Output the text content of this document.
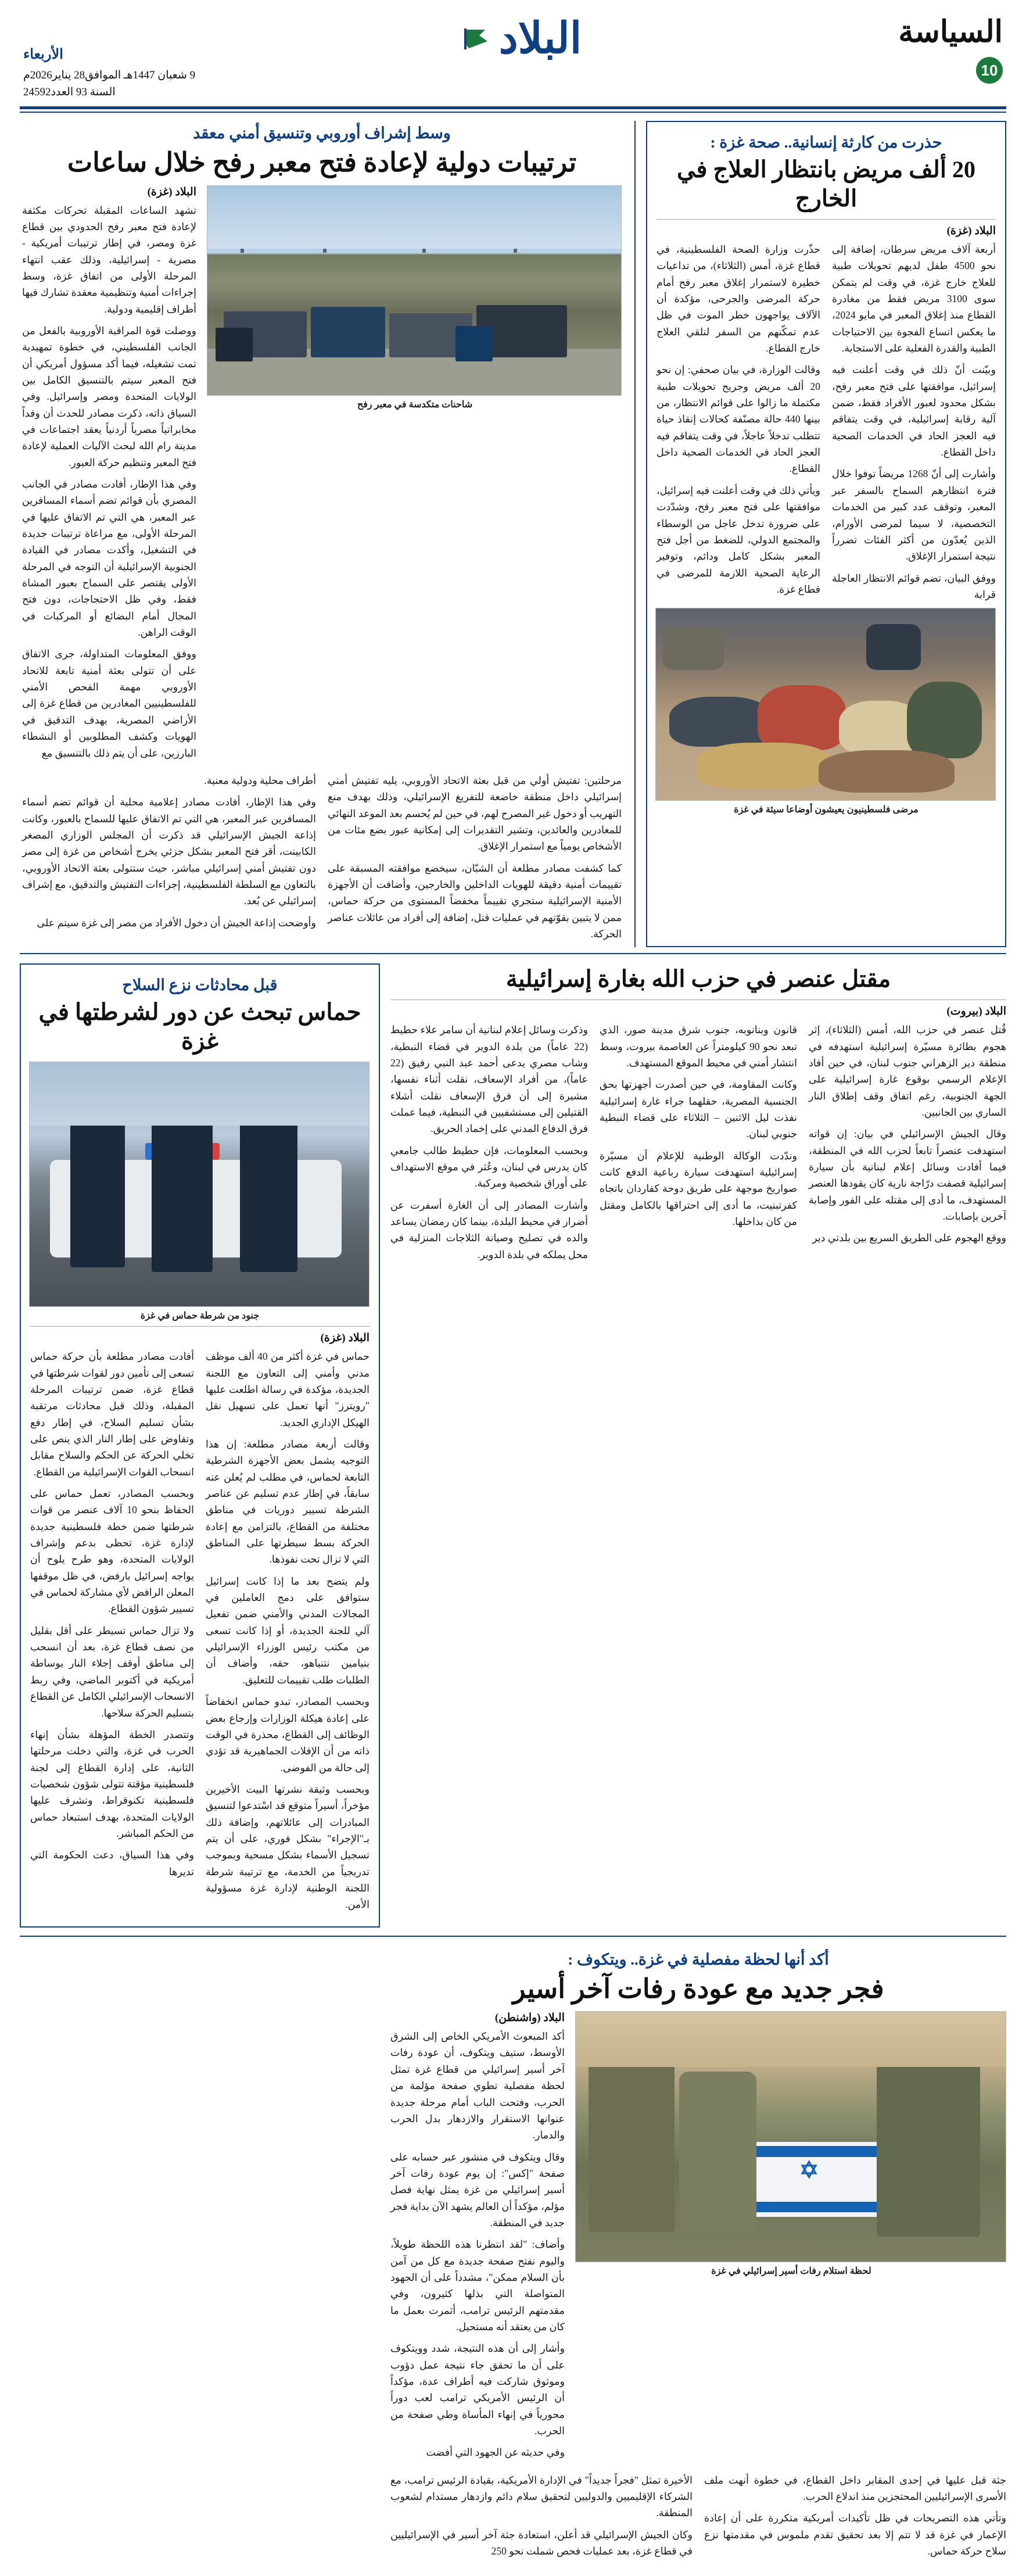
السياسة
10
البلاد
الأربعاء
9 شعبان 1447هـ الموافق28 يناير2026م
السنة 93 العدد24592
حذرت من كارثة إنسانية.. صحة غزة :
20 ألف مريض بانتظار العلاج في الخارج
البلاد (غزة)

أربعة آلاف مريض سرطان، إضافة إلى نحو 4500 طفل لديهم تحويلات طبية للعلاج خارج غزة، في وقت لم يتمكن سوى 3100 مريض فقط من مغادرة القطاع منذ إغلاق المعبر في مايو 2024، ما يعكس اتساع الفجوة بين الاحتياجات الطبية والقدرة الفعلية على الاستجابة.

وبيّنت أنّ ذلك في وقت أعلنت فيه إسرائيل، موافقتها على فتح معبر رفح، بشكل محدود لعبور الأفراد فقط، ضمن آلية رقابة إسرائيلية، في وقت يتفاقم فيه العجز الحاد في الخدمات الصحية داخل القطاع.

وأشارت إلى أنّ 1268 مريضاً توفوا خلال فترة انتظارهم السماح بالسفر عبر المعبر، وتوقف عدد كبير من الخدمات التخصصية، لا سيما لمرضى الأورام، الذين يُعدّون من أكثر الفئات تضرراً نتيجة استمرار الإغلاق.

ووفق البيان، تضم قوائم الانتظار العاجلة قرابة

حذّرت وزارة الصحة الفلسطينية، في قطاع غزة، أمس (الثلاثاء)، من تداعيات خطيرة لاستمرار إغلاق معبر رفح أمام حركة المرضى والجرحى، مؤكدة أن الآلاف يواجهون خطر الموت في ظل عدم تمكّنهم من السفر لتلقي العلاج خارج القطاع.

وقالت الوزارة، في بيان صحفي: إن نحو 20 ألف مريض وجريح تحويلات طبية مكتملة ما زالوا على قوائم الانتظار، من بينها 440 حالة مصنّفة كحالات إنقاذ حياة تتطلب تدخلاً عاجلاً، في وقت يتفاقم فيه العجز الحاد في الخدمات الصحية داخل القطاع.

ويأتي ذلك في وقت أعلنت فيه إسرائيل، موافقتها على فتح معبر رفح، وشدّدت على ضرورة تدخل عاجل من الوسطاء والمجتمع الدولي، للضغط من أجل فتح المعبر بشكل كامل ودائم، وتوفير الرعاية الصحية اللازمة للمرضى في قطاع غزة.

مرضى فلسطينيون يعيشون أوضاعا سيئة في غزة
وسط إشراف أوروبي وتنسيق أمني معقد
ترتيبات دولية لإعادة فتح معبر رفح خلال ساعات
شاحنات متكدسة في معبر رفح
البلاد (غزة)

تشهد الساعات المقبلة تحركات مكثفة لإعادة فتح معبر رفح الحدودي بين قطاع غزة ومصر، في إطار ترتيبات أمريكية - مصرية - إسرائيلية، وذلك عقب انتهاء المرحلة الأولى من اتفاق غزة، وسط إجراءات أمنية وتنظيمية معقدة تشارك فيها أطراف إقليمية ودولية.

ووصلت قوة المراقبة الأوروبية بالفعل من الجانب الفلسطيني، في خطوة تمهيدية تمت تشغيله، فيما أكد مسؤول أمريكي أن فتح المعبر سيتم بالتنسيق الكامل بين الولايات المتحدة ومصر وإسرائيل. وفي السياق ذاته، ذكرت مصادر للحدث أن وفداً مخابراتياً مصرياً أردنياً يعقد اجتماعات في مدينة رام الله لبحث الآليات العملية لإعادة فتح المعبر وتنظيم حركة العبور.

وفي هذا الإطار، أفادت مصادر في الجانب المصري بأن قوائم تضم أسماء المسافرين عبر المعبر، هي التي تم الاتفاق عليها في المرحلة الأولى، مع مراعاة ترتيبات جديدة في التشغيل، وأكدت مصادر في القيادة الجنوبية الإسرائيلية أن التوجه في المرحلة الأولى يقتصر على السماح بعبور المشاة فقط، وفي ظل الاحتجاجات، دون فتح المجال أمام البضائع أو المركبات في الوقت الراهن.

ووفق المعلومات المتداولة، جرى الاتفاق على أن تتولى بعثة أمنية تابعة للاتحاد الأوروبي مهمة الفحص الأمني للفلسطينيين المغادرين من قطاع غزة إلى الأراضي المصرية، بهدف التدقيق في الهويات وكشف المطلوبين أو النشطاء البارزين، على أن يتم ذلك بالتنسيق مع

مرحلتين: تفتيش أولي من قبل بعثة الاتحاد الأوروبي، يليه تفتيش أمني إسرائيلي داخل منطقة خاضعة للتفريغ الإسرائيلي، وذلك بهدف منع التهريب أو دخول غير المصرح لهم، في حين لم يُحسم بعد الموعد النهائي للمغادرين والعائدين، وتشير التقديرات إلى إمكانية عبور بضع مئات من الأشخاص يومياً مع استمرار الإغلاق.

كما كشفت مصادر مطلعة أن الشبّان، سيخضع موافقته المسبقة على تقييمات أمنية دقيقة للهويات الداخلين والخارجين، وأضافت أن الأجهزة الأمنية الإسرائيلية ستجري تقييماً مخفضاً المستوى من حركة حماس، ممن لا يتبين بقوّتهم في عمليات قتل، إضافة إلى أفراد من عائلات عناصر الحركة.

أطراف محلية ودولية معنية.

وفي هذا الإطار، أفادت مصادر إعلامية محلية أن قوائم تضم أسماء المسافرين عبر المعبر، هي التي تم الاتفاق عليها للسماح بالعبور، وكانت إذاعة الجيش الإسرائيلي قد ذكرت أن المجلس الوزاري المصغر الكابينت، أقر فتح المعبر بشكل جزئي يخرج أشخاص من غزة إلى مصر دون تفتيش أمني إسرائيلي مباشر، حيث ستتولى بعثة الاتحاد الأوروبي، بالتعاون مع السلطة الفلسطينية، إجراءات التفتيش والتدقيق، مع إشراف إسرائيلي عن بُعد.

وأوضحت إذاعة الجيش أن دخول الأفراد من مصر إلى غزة سيتم على

مقتل عنصر في حزب الله بغارة إسرائيلية
البلاد (بيروت)

قُتل عنصر في حزب الله، أمس (الثلاثاء)، إثر هجوم بطائرة مسيّرة إسرائيلية استهدفه في منطقة دير الزهراني جنوب لبنان، في حين أفاد الإعلام الرسمي بوقوع غارة إسرائيلية على الجهة الجنوبية، رغم اتفاق وقف إطلاق النار الساري بين الجانبين.

وقال الجيش الإسرائيلي في بيان: إن قواته استهدفت عنصراً تابعاً لحزب الله في المنطقة، فيما أفادت وسائل إعلام لبنانية بأن سيارة إسرائيلية قصفت درّاجة نارية كان يقودها العنصر المستهدف، ما أدى إلى مقتله على الفور وإصابة آخرين بإصابات.

ووقع الهجوم على الطريق السريع بين بلدتي دير

قانون وبنانوبه، جنوب شرق مدينة صور، الذي تبعد نحو 90 كيلومتراً عن العاصمة بيروت، وسط انتشار أمني في محيط الموقع المستهدف.

وكانت المقاومة، في حين أصدرت أجهزتها بحق الجنسية المصرية، حقلهما جراء غارة إسرائيلية نفذت ليل الاثنين – الثلاثاء على قضاء النبطية جنوبي لبنان.

وندّدت الوكالة الوطنية للإعلام أن مسيّرة إسرائيلية استهدفت سيارة رباعية الدفع كانت صواريخ موجهة على طريق دوحة كفاردان باتجاه كفرتبنيت، ما أدى إلى احتراقها بالكامل ومقتل من كان بداخلها.

وذكرت وسائل إعلام لبنانية أن سامر علاء حطيط (22 عاماً) من بلدة الدوير في قضاء النبطية، وشاب مصري يدعى أحمد عبد النبي رفيق (22 عاماً)، من أفراد الإسعاف، نقلت أثناء نفسها، مشيرة إلى أن فرق الإسعاف نقلت أشلاء القتيلين إلى مستشفيين في النبطية، فيما عملت فرق الدفاع المدني على إخماد الحريق.

وبحسب المعلومات، فإن حطيط طالب جامعي كان يدرس في لبنان، وعُثر في موقع الاستهداف على أوراق شخصية ومركبة.

وأشارت المصادر إلى أن الغارة أسفرت عن أضرار في محيط البلدة، بينما كان رمضان يساعد والده في تصليح وصيانة الثلاجات المنزلية في محل يملكه في بلدة الدوير.

قبل محادثات نزع السلاح
حماس تبحث عن دور لشرطتها في غزة
جنود من شرطة حماس في غزة
البلاد (غزة)

حماس في غزة أكثر من 40 ألف موظف مدني وأمني إلى التعاون مع اللجنة الجديدة، مؤكدة في رسالة اطلعت عليها "رويترز" أنها تعمل على تسهيل نقل الهيكل الإداري الجديد.

وقالت أربعة مصادر مطلعة: إن هذا التوجيه يشمل بعض الأجهزة الشرطية التابعة لحماس، في مطلب لم يُعلن عنه سابقاً، في إطار عدم تسليم عن عناصر الشرطة تسيير دوريات في مناطق مختلفة من القطاع، بالتزامن مع إعادة الحركة بسط سيطرتها على المناطق التي لا تزال تحت نفوذها.

ولم يتضح بعد ما إذا كانت إسرائيل ستوافق على دمج العاملين في المجالات المدني والأمني ضمن تفعيل آلي للجنة الجديدة، أو إذا كانت تسعى من مكتب رئيس الوزراء الإسرائيلي بنيامين نتنياهو، حقه، وأضاف أن الطلبات طلب تقييمات للتعليق.

وبحسب المصادر، تبدو حماس انخفاضاً على إعادة هيكلة الوزارات وإرجاع بعض الوظائف إلى القطاع، محذرة في الوقت ذاته من أن الإفلات الجماهيرية قد تؤدي إلى حالة من الفوضى.

وبحسب وثيقة نشرتها البيت الأخيرين مؤخراً، أسيراً متوقع قد اسْتدعوا لتنسيق المبادرات إلى عائلاتهم، وإضافة ذلك بـ"الإجراء" بشكل فوري، على أن يتم تسجيل الأسماء بشكل مسحية وبموجب تدريجياً من الخدمة، مع ترتيبة شرطة اللجنة الوطنية لإدارة غزة مسؤولية الأمن.

أفادت مصادر مطلعة بأن حركة حماس تسعى إلى تأمين دور لقوات شرطتها في قطاع غزة، ضمن ترتيبات المرحلة المقبلة، وذلك قبل محادثات مرتقبة بشأن تسليم السلاح، في إطار دفع وتفاوض على إطار النار الذي ينص على تخلي الحركة عن الحكم والسلاح مقابل انسحاب القوات الإسرائيلية من القطاع.

وبحسب المصادر، تعمل حماس على الحفاظ بنحو 10 آلاف عنصر من قوات شرطتها ضمن خطة فلسطينية جديدة لإدارة غزة، تحظى بدعم وإشراف الولايات المتحدة، وهو طرح يلوح أن يواجه إسرائيل بارفض، في ظل موقفها المعلن الرافض لأي مشاركة لحماس في تسيير شؤون القطاع.

ولا تزال حماس تسيطر على أقل بقليل من نصف قطاع غزة، بعد أن انسحب إلى مناطق أوقف إجلاء النار بوساطة أمريكية في أكتوبر الماضي، وفي ربط الانسحاب الإسرائيلي الكامل عن القطاع بتسليم الحركة سلاحها.

وتتصدر الخطة المؤهلة بشأن إنهاء الحرب في غزة، والتي دخلت مرحلتها الثانية، على إدارة القطاع إلى لجنة فلسطينية مؤقتة تتولى شؤون شخصيات فلسطينية تكنوقراط، وتشرف عليها الولايات المتحدة، بهدف استبعاد حماس من الحكم المباشر.

وفي هذا السياق، دعت الحكومة التي تديرها

أكد أنها لحظة مفصلية في غزة.. ويتكوف :
فجر جديد مع عودة رفات آخر أسير
✡
لحظة استلام رفات أسير إسرائيلي في غزة
البلاد (واشنطن)

أكد المبعوث الأمريكي الخاص إلى الشرق الأوسط، ستيف ويتكوف، أن عودة رفات آخر أسير إسرائيلي من قطاع غزة تمثل لحظة مفصلية تطوي صفحة مؤلمة من الحرب، وفتحت الباب أمام مرحلة جديدة عنوانها الاستقرار والازدهار بدل الحرب والدمار.

وقال ويتكوف في منشور عبر حسابه على صفحة "إكس": إن يوم عودة رفات آخر أسير إسرائيلي من غزة يمثل نهاية فصل مؤلم، مؤكداً أن العالم يشهد الآن بداية فجر جديد في المنطقة.

وأضاف: "لقد انتظرنا هذه اللحظة طويلاً، واليوم نفتح صفحة جديدة مع كل من آمن بأن السلام ممكن"، مشدداً على أن الجهود المتواصلة التي بذلها كثيرون، وفي مقدمتهم الرئيس ترامب، أثمرت بعمل ما كان من يعتقد أنه مستحيل.

وأشار إلى أن هذه النتيجة، شدد وويتكوف على أن ما تحقق جاء نتيجة عمل دؤوب وموثوق شاركت فيه أطراف عدة، مؤكداً أن الرئيس الأمريكي ترامب لعب دوراً محورياً في إنهاء المأساة وطي صفحة من الحرب.

وفي حديثه عن الجهود التي أفضت

جثة قبل عليها في إحدى المقابر داخل القطاع، في خطوة أنهت ملف الأسرى الإسرائيليين المحتجزين منذ اندلاع الحرب.

وتأتي هذه التصريحات في ظل تأكيدات أمريكية متكررة على أن إعادة الإعمار في غزة قد لا تتم إلا بعد تحقيق تقدم ملموس في مقدمتها نزع سلاح حركة حماس.

الأخيرة تمثل "فجراً جديداً" في الإدارة الأمريكية، بقيادة الرئيس ترامب، مع الشركاء الإقليميين والدوليين لتحقيق سلام دائم وازدهار مستدام لشعوب المنطقة.

وكان الجيش الإسرائيلي قد أعلن، استعادة جثة آخر أسير في الإسرائيليين في قطاع غزة، بعد عمليات فحص شملت نحو 250
